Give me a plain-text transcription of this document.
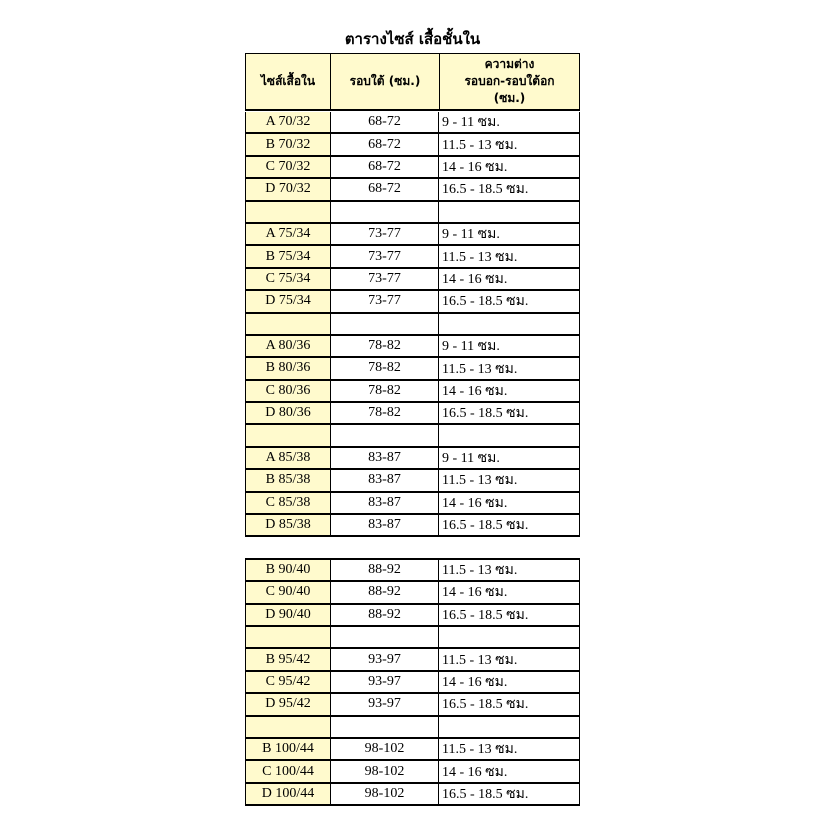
ตารางไซส์ เสื้อชั้นใน
ไซส์เสื้อใน	รอบใต้ (ซม.)
ความต่าง
รอบอก-รอบใต้อก
(ซม.)
A 70/32	68-72	9 - 11 ซม.
B 70/32	68-72	11.5 - 13 ซม.
C 70/32	68-72	14 - 16 ซม.
D 70/32	68-72	16.5 - 18.5 ซม.
A 75/34	73-77	9 - 11 ซม.
B 75/34	73-77	11.5 - 13 ซม.
C 75/34	73-77	14 - 16 ซม.
D 75/34	73-77	16.5 - 18.5 ซม.
A 80/36	78-82	9 - 11 ซม.
B 80/36	78-82	11.5 - 13 ซม.
C 80/36	78-82	14 - 16 ซม.
D 80/36	78-82	16.5 - 18.5 ซม.
A 85/38	83-87	9 - 11 ซม.
B 85/38	83-87	11.5 - 13 ซม.
C 85/38	83-87	14 - 16 ซม.
D 85/38	83-87	16.5 - 18.5 ซม.
B 90/40	88-92	11.5 - 13 ซม.
C 90/40	88-92	14 - 16 ซม.
D 90/40	88-92	16.5 - 18.5 ซม.
B 95/42	93-97	11.5 - 13 ซม.
C 95/42	93-97	14 - 16 ซม.
D 95/42	93-97	16.5 - 18.5 ซม.
B 100/44	98-102	11.5 - 13 ซม.
C 100/44	98-102	14 - 16 ซม.
D 100/44	98-102	16.5 - 18.5 ซม.
